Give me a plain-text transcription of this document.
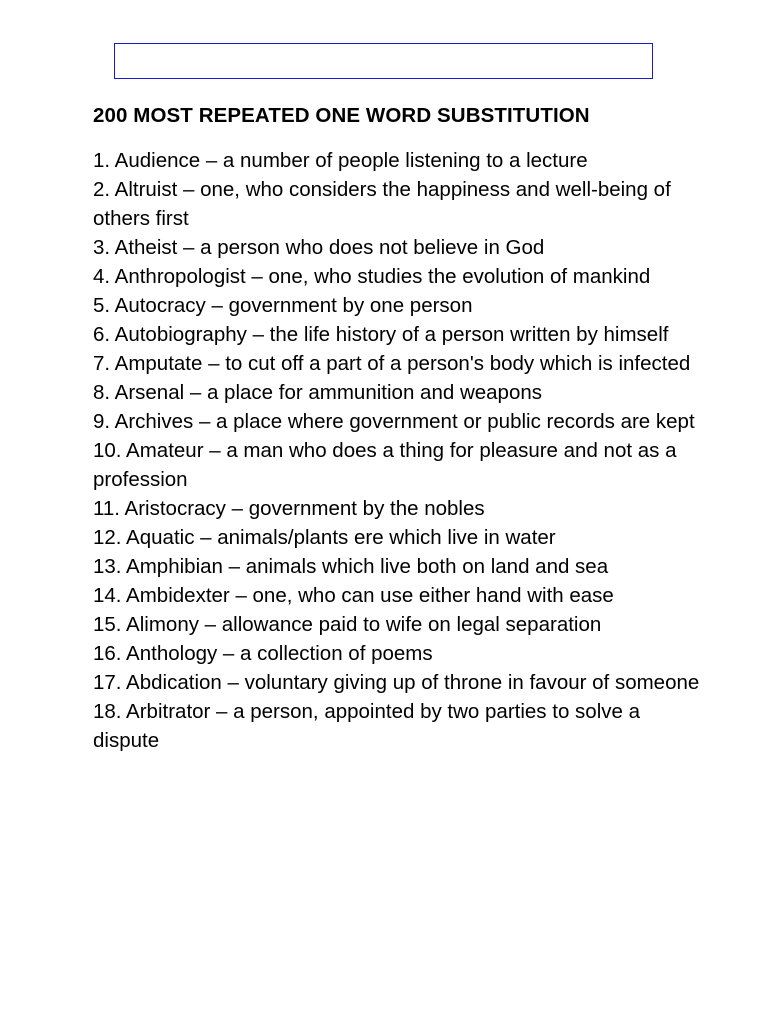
200 MOST REPEATED ONE WORD SUBSTITUTION
1. Audience – a number of people listening to a lecture
2. Altruist – one, who considers the happiness and well-being of others first
3. Atheist – a person who does not believe in God
4. Anthropologist – one, who studies the evolution of mankind
5. Autocracy – government by one person
6. Autobiography – the life history of a person written by himself
7. Amputate – to cut off a part of a person's body which is infected
8. Arsenal – a place for ammunition and weapons
9. Archives – a place where government or public records are kept
10. Amateur – a man who does a thing for pleasure and not as a profession
11. Aristocracy – government by the nobles
12. Aquatic – animals/plants ere which live in water
13. Amphibian – animals which live both on land and sea
14. Ambidexter – one, who can use either hand with ease
15. Alimony – allowance paid to wife on legal separation
16. Anthology – a collection of poems
17. Abdication – voluntary giving up of throne in favour of someone
18. Arbitrator – a person, appointed by two parties to solve a dispute
